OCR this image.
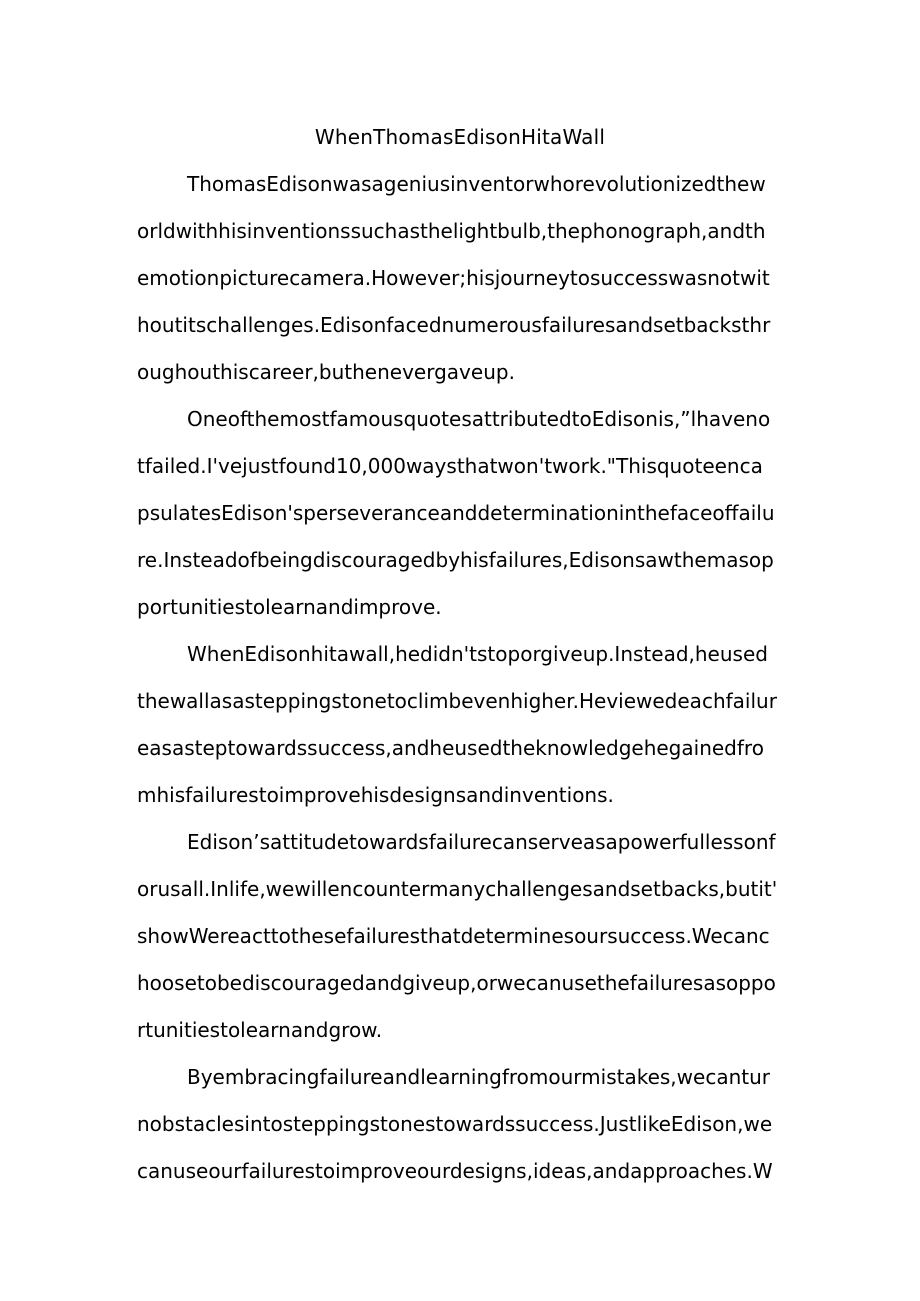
WhenThomasEdisonHitaWall
ThomasEdisonwasageniusinventorwhorevolutionizedthew
orldwithhisinventionssuchasthelightbulb,thephonograph,andth
emotionpicturecamera.However;hisjourneytosuccesswasnotwit
houtitschallenges.Edisonfacednumerousfailuresandsetbacksthr
oughouthiscareer,buthenevergaveup.
OneofthemostfamousquotesattributedtoEdisonis,”lhaveno
tfailed.I'vejustfound10,000waysthatwon'twork."Thisquoteenca
psulatesEdison'sperseveranceanddeterminationinthefaceoffailu
re.Insteadofbeingdiscouragedbyhisfailures,Edisonsawthemasop
portunitiestolearnandimprove.
WhenEdisonhitawall,hedidn'tstoporgiveup.Instead,heused
thewallasasteppingstonetoclimbevenhigher.Heviewedeachfailur
easasteptowardssuccess,andheusedtheknowledgehegainedfro
mhisfailurestoimprovehisdesignsandinventions.
Edison’sattitudetowardsfailurecanserveasapowerfullessonf
orusall.Inlife,wewillencountermanychallengesandsetbacks,butit'
showWereacttothesefailuresthatdeterminesoursuccess.Wecanc
hoosetobediscouragedandgiveup,orwecanusethefailuresasoppo
rtunitiestolearnandgrow.
Byembracingfailureandlearningfromourmistakes,wecantur
nobstaclesintosteppingstonestowardssuccess.JustlikeEdison,we
canuseourfailurestoimproveourdesigns,ideas,andapproaches.W
